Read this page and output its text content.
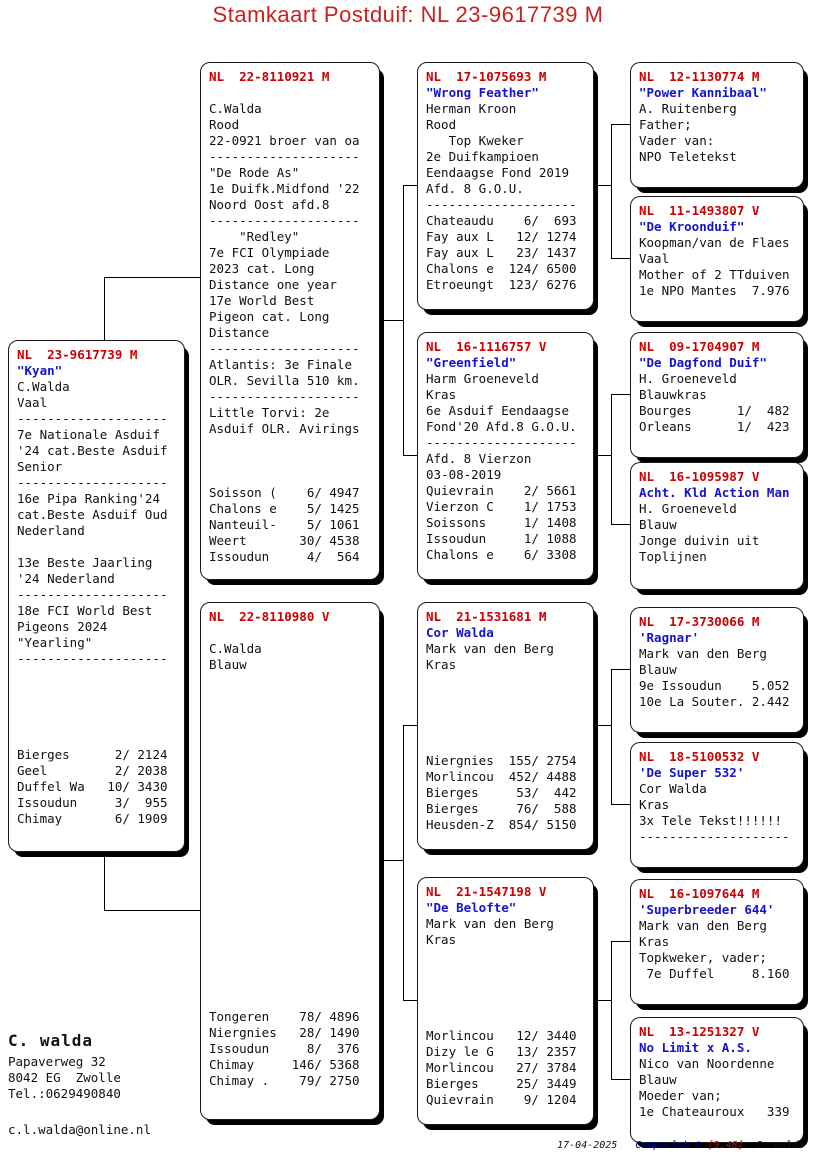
Stamkaart Postduif: NL 23-9617739 M
NL  23-9617739 M
"Kyan"
C.Walda
Vaal
--------------------
7e Nationale Asduif
'24 cat.Beste Asduif
Senior
--------------------
16e Pipa Ranking'24
cat.Beste Asduif Oud
Nederland
13e Beste Jaarling
'24 Nederland
--------------------
18e FCI World Best
Pigeons 2024
"Yearling"
--------------------
Bierges      2/ 2124
Geel         2/ 2038
Duffel Wa   10/ 3430
Issoudun     3/  955
Chimay       6/ 1909
NL  22-8110921 M
C.Walda
Rood
22-0921 broer van oa
--------------------
"De Rode As"
1e Duifk.Midfond '22
Noord Oost afd.8
--------------------
"Redley"
7e FCI Olympiade
2023 cat. Long
Distance one year
17e World Best
Pigeon cat. Long
Distance
--------------------
Atlantis: 3e Finale
OLR. Sevilla 510 km.
--------------------
Little Torvi: 2e
Asduif OLR. Avirings
Soisson (    6/ 4947
Chalons e    5/ 1425
Nanteuil-    5/ 1061
Weert       30/ 4538
Issoudun     4/  564
NL  22-8110980 V
C.Walda
Blauw
Tongeren    78/ 4896
Niergnies   28/ 1490
Issoudun     8/  376
Chimay     146/ 5368
Chimay .    79/ 2750
NL  17-1075693 M
"Wrong Feather"
Herman Kroon
Rood
Top Kweker
2e Duifkampioen
Eendaagse Fond 2019
Afd. 8 G.O.U.
--------------------
Chateaudu    6/  693
Fay aux L   12/ 1274
Fay aux L   23/ 1437
Chalons e  124/ 6500
Etroeungt  123/ 6276
NL  16-1116757 V
"Greenfield"
Harm Groeneveld
Kras
6e Asduif Eendaagse
Fond'20 Afd.8 G.O.U.
--------------------
Afd. 8 Vierzon
03-08-2019
Quievrain    2/ 5661
Vierzon C    1/ 1753
Soissons     1/ 1408
Issoudun     1/ 1088
Chalons e    6/ 3308
NL  21-1531681 M
Cor Walda
Mark van den Berg
Kras
Niergnies  155/ 2754
Morlincou  452/ 4488
Bierges     53/  442
Bierges     76/  588
Heusden-Z  854/ 5150
NL  21-1547198 V
"De Belofte"
Mark van den Berg
Kras
Morlincou   12/ 3440
Dizy le G   13/ 2357
Morlincou   27/ 3784
Bierges     25/ 3449
Quievrain    9/ 1204
NL  12-1130774 M
"Power Kannibaal"
A. Ruitenberg
Father;
Vader van:
NPO Teletekst
NL  11-1493807 V
"De Kroonduif"
Koopman/van de Flaes
Vaal
Mother of 2 TTduiven
1e NPO Mantes  7.976
NL  09-1704907 M
"De Dagfond Duif"
H. Groeneveld
Blauwkras
Bourges      1/  482
Orleans      1/  423
NL  16-1095987 V
Acht. Kld Action Man
H. Groeneveld
Blauw
Jonge duivin uit
Toplijnen
NL  17-3730066 M
'Ragnar'
Mark van den Berg
Blauw
9e Issoudun    5.052
10e La Souter. 2.442
NL  18-5100532 V
'De Super 532'
Cor Walda
Kras
3x Tele Tekst!!!!!!
--------------------
NL  16-1097644 M
'Superbreeder 644'
Mark van den Berg
Kras
Topkweker, vader;
7e Duffel     8.160
NL  13-1251327 V
No Limit x A.S.
Nico van Noordenne
Blauw
Moeder van;
1e Chateauroux   339
C. walda
Papaverweg 32
8042 EG  Zwolle
Tel.:0629490840
c.l.walda@online.nl
17-04-2025 Compuclub © [9.48] C. walda
